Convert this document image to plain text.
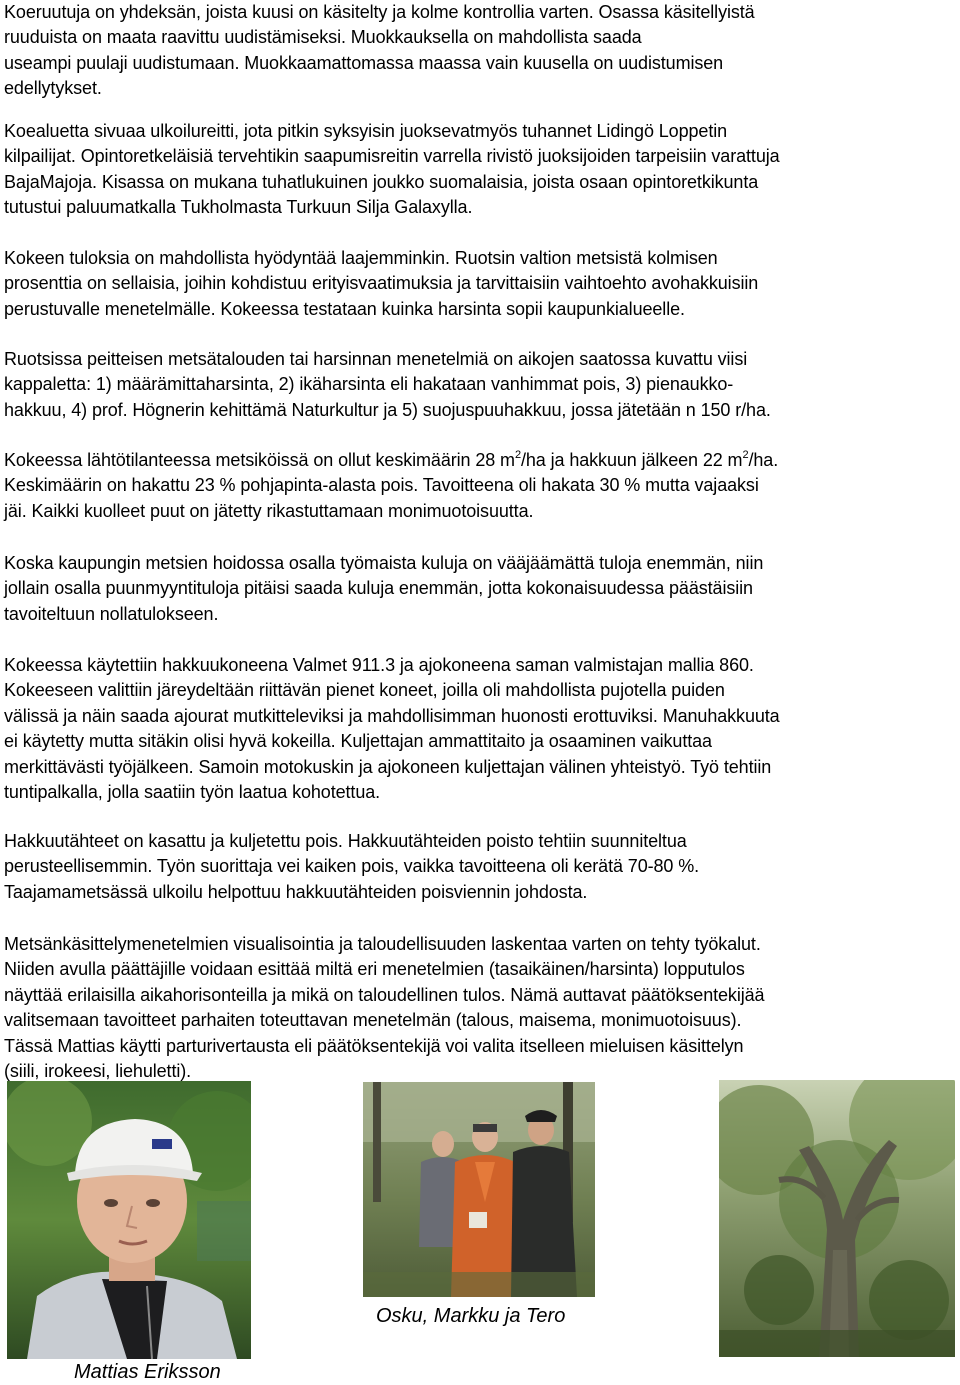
Koeruutuja on yhdeksän, joista kuusi on käsitelty ja kolme kontrollia varten. Osassa käsitellyistä
ruuduista on maata raavittu uudistämiseksi. Muokkauksella on mahdollista saada
useampi puulaji uudistumaan. Muokkaamattomassa maassa vain kuusella on uudistumisen
edellytykset.

Koealuetta sivuaa ulkoilureitti, jota pitkin syksyisin juoksevatmyös tuhannet Lidingö Loppetin
kilpailijat. Opintoretkeläisiä tervehtikin saapumisreitin varrella rivistö juoksijoiden tarpeisiin varattuja
BajaMajoja. Kisassa on mukana tuhatlukuinen joukko suomalaisia, joista osaan opintoretkikunta
tutustui paluumatkalla Tukholmasta Turkuun Silja Galaxylla.

Kokeen tuloksia on mahdollista hyödyntää laajemminkin. Ruotsin valtion metsistä kolmisen
prosenttia on sellaisia, joihin kohdistuu erityisvaatimuksia ja tarvittaisiin vaihtoehto avohakkuisiin
perustuvalle menetelmälle. Kokeessa testataan kuinka harsinta sopii kaupunkialueelle.

Ruotsissa peitteisen metsätalouden tai harsinnan menetelmiä on aikojen saatossa kuvattu viisi
kappaletta: 1) määrämittaharsinta, 2) ikäharsinta eli hakataan vanhimmat pois, 3) pienaukko-
hakkuu, 4) prof. Högnerin kehittämä Naturkultur ja 5) suojuspuuhakkuu, jossa jätetään n 150 r/ha.

Kokeessa lähtötilanteessa metsiköissä on ollut keskimäärin 28 $m^2/ha$ ja hakkuun jälkeen 22 $m^2/ha$.
Keskimäärin on hakattu 23 % pohjapinta-alasta pois. Tavoitteena oli hakata 30 % mutta vajaaksi
jäi. Kaikki kuolleet puut on jätetty rikastuttamaan monimuotoisuutta.

Koska kaupungin metsien hoidossa osalla työmaista kuluja on vääjäämättä tuloja enemmän, niin
jollain osalla puunmyyntituloja pitäisi saada kuluja enemmän, jotta kokonaisuudessa päästäisiin
tavoiteltuun nollatulokseen.

Kokeessa käytettiin hakkuukoneena Valmet 911.3 ja ajokoneena saman valmistajan mallia 860.
Kokeeseen valittiin järeydeltään riittävän pienet koneet, joilla oli mahdollista pujotella puiden
välissä ja näin saada ajourat mutkitteleviksi ja mahdollisimman huonosti erottuviksi. Manuhakkuuta
ei käytetty mutta sitäkin olisi hyvä kokeilla. Kuljettajan ammattitaito ja osaaminen vaikuttaa
merkittävästi työjälkeen. Samoin motokuskin ja ajokoneen kuljettajan välinen yhteistyö. Työ tehtiin
tuntipalkalla, jolla saatiin työn laatua kohotettua.

Hakkuutähteet on kasattu ja kuljetettu pois. Hakkuutähteiden poisto tehtiin suunniteltua
perusteellisemmin. Työn suorittaja vei kaiken pois, vaikka tavoitteena oli kerätä 70-80 %.
Taajamametsässä ulkoilu helpottuu hakkuutähteiden poisviennin johdosta.

Metsänkäsittelymenetelmien visualisointia ja taloudellisuuden laskentaa varten on tehty työkalut.
Niiden avulla päättäjille voidaan esittää miltä eri menetelmien (tasaikäinen/harsinta) lopputulos
näyttää erilaisilla aikahorisonteilla ja mikä on taloudellinen tulos. Nämä auttavat päätöksentekijää
valitsemaan tavoitteet parhaiten toteuttavan menetelmän (talous, maisema, monimuotoisuus).
Tässä Mattias käytti parturivertausta eli päätöksentekijä voi valita itselleen mieluisen käsittelyn
(siili, irokeesi, liehuletti).

Mattias Eriksson
Osku, Markku ja Tero
